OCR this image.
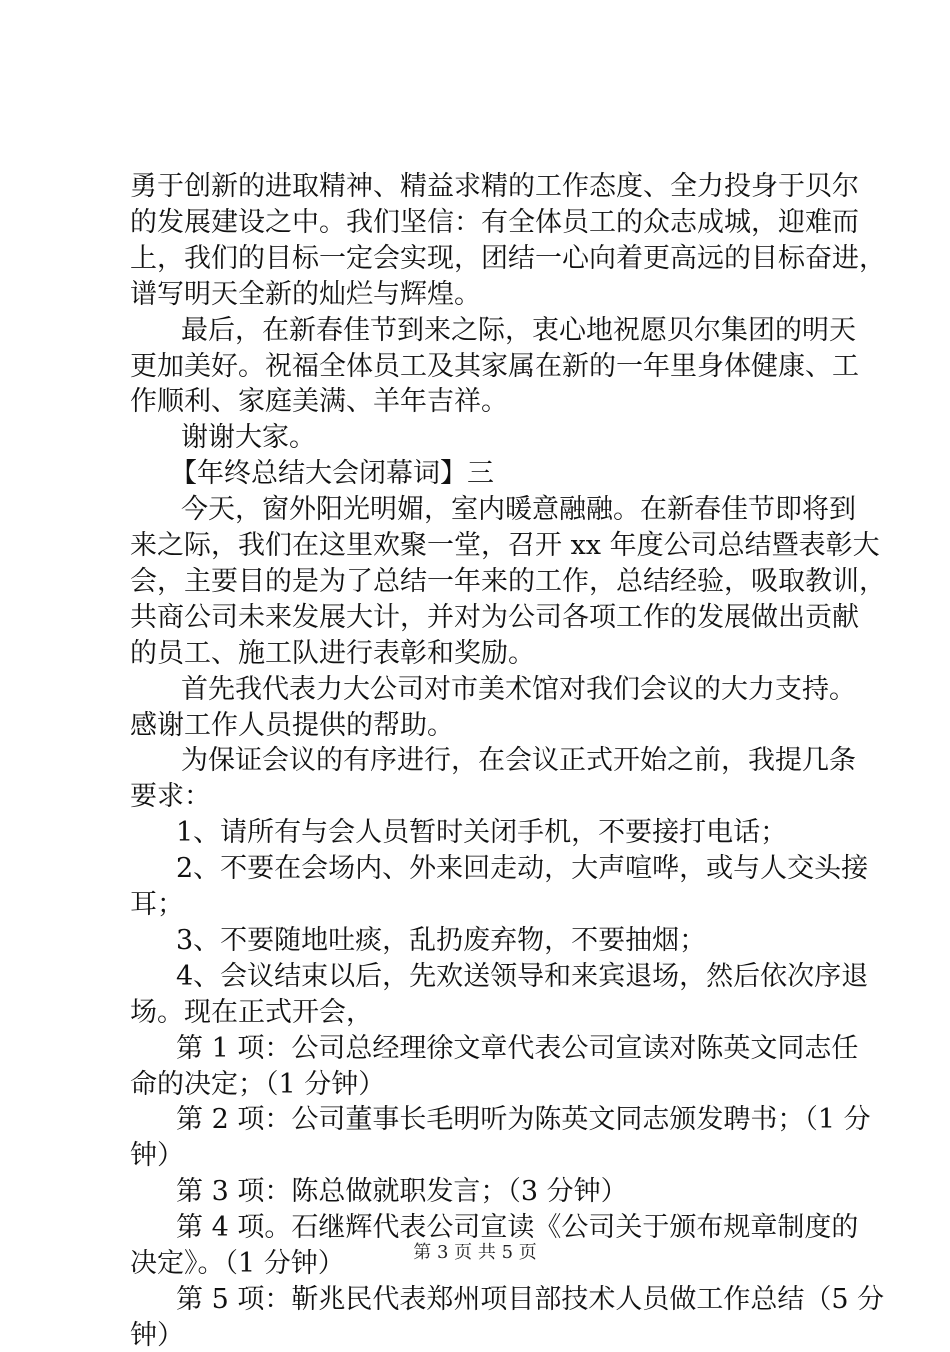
勇于创新的进取精神、精益求精的工作态度、全力投身于贝尔
的发展建设之中。我们坚信：有全体员工的众志成城，迎难而
上，我们的目标一定会实现，团结一心向着更高远的目标奋进，
谱写明天全新的灿烂与辉煌。
最后，在新春佳节到来之际，衷心地祝愿贝尔集团的明天
更加美好。祝福全体员工及其家属在新的一年里身体健康、工
作顺利、家庭美满、羊年吉祥。
谢谢大家。
【年终总结大会闭幕词】三
今天，窗外阳光明媚，室内暖意融融。在新春佳节即将到
来之际，我们在这里欢聚一堂，召开 xx 年度公司总结暨表彰大
会，主要目的是为了总结一年来的工作，总结经验，吸取教训，
共商公司未来发展大计，并对为公司各项工作的发展做出贡献
的员工、施工队进行表彰和奖励。
首先我代表力大公司对市美术馆对我们会议的大力支持。
感谢工作人员提供的帮助。
为保证会议的有序进行，在会议正式开始之前，我提几条
要求：
1、请所有与会人员暂时关闭手机，不要接打电话；
2、不要在会场内、外来回走动，大声喧哗，或与人交头接
耳；
3、不要随地吐痰，乱扔废弃物，不要抽烟；
4、会议结束以后，先欢送领导和来宾退场，然后依次序退
场。现在正式开会，
第 1 项：公司总经理徐文章代表公司宣读对陈英文同志任
命的决定；（1 分钟）
第 2 项：公司董事长毛明听为陈英文同志颁发聘书；（1 分
钟）
第 3 项：陈总做就职发言；（3 分钟）
第 4 项。石继辉代表公司宣读《公司关于颁布规章制度的
决定》。（1 分钟）
第 5 项：靳兆民代表郑州项目部技术人员做工作总结（5 分
钟）
第 3 页 共 5 页
